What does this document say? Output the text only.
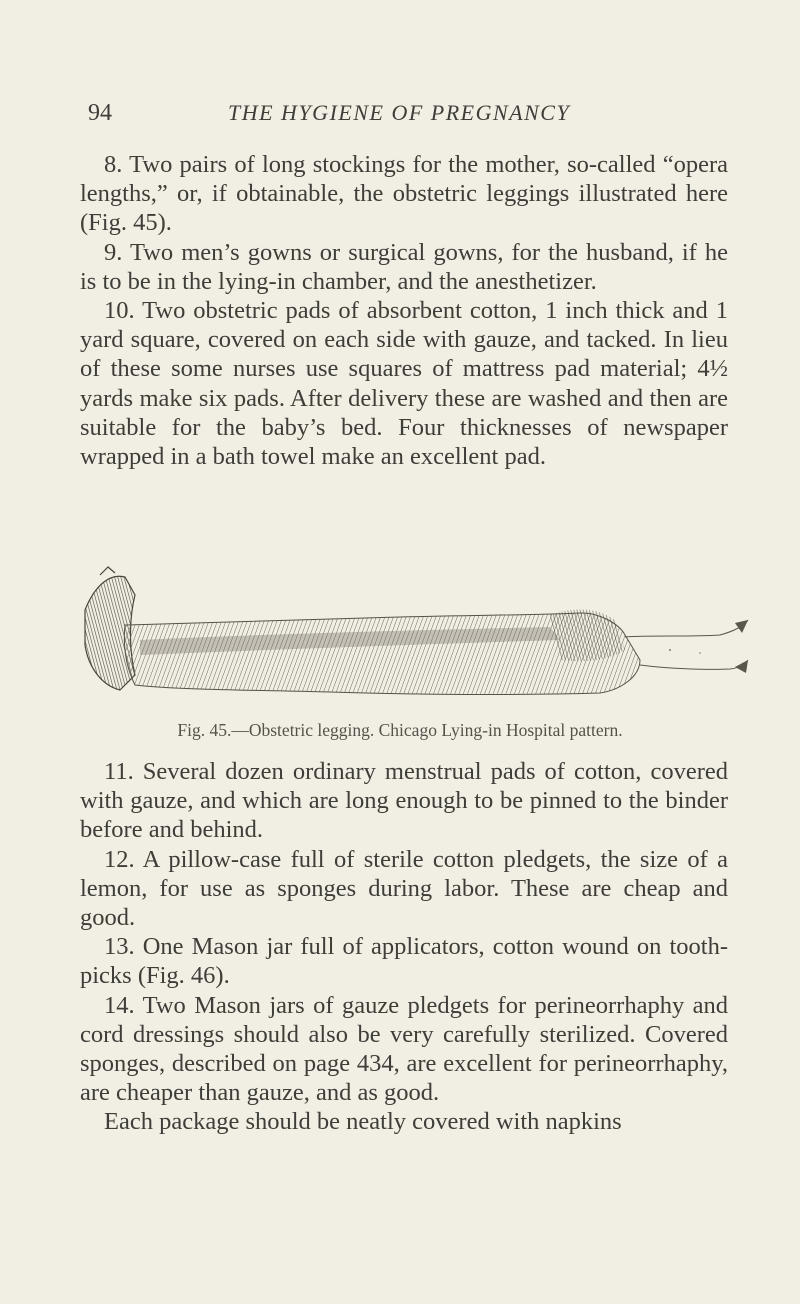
94	THE HYGIENE OF PREGNANCY

8. Two pairs of long stockings for the mother, so-called “opera lengths,” or, if obtainable, the obstetric leggings illustrated here (Fig. 45).

9. Two men’s gowns or surgical gowns, for the husband, if he is to be in the lying-in chamber, and the anesthetizer.

10. Two obstetric pads of absorbent cotton, 1 inch thick and 1 yard square, covered on each side with gauze, and tacked. In lieu of these some nurses use squares of mattress pad material; 4½ yards make six pads. After delivery these are washed and then are suitable for the baby’s bed. Four thicknesses of newspaper wrapped in a bath towel make an excellent pad.

Fig. 45.—Obstetric legging. Chicago Lying-in Hospital pattern.

11. Several dozen ordinary menstrual pads of cotton, covered with gauze, and which are long enough to be pinned to the binder before and behind.

12. A pillow-case full of sterile cotton pledgets, the size of a lemon, for use as sponges during labor. These are cheap and good.

13. One Mason jar full of applicators, cotton wound on tooth-picks (Fig. 46).

14. Two Mason jars of gauze pledgets for perineorrhaphy and cord dressings should also be very carefully sterilized. Covered sponges, described on page 434, are excellent for perineorrhaphy, are cheaper than gauze, and as good.

Each package should be neatly covered with napkins
